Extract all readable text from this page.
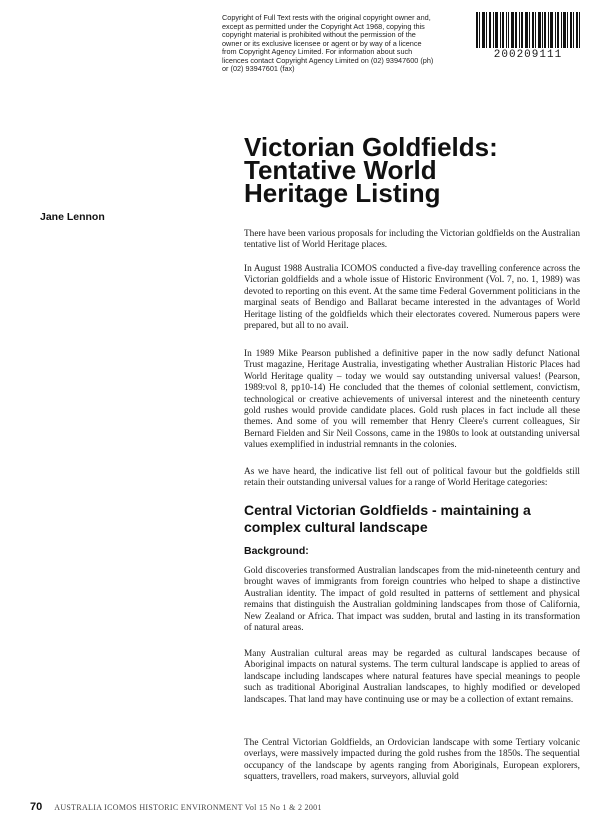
Copyright of Full Text rests with the original copyright owner and, except as permitted under the Copyright Act 1968, copying this copyright material is prohibited without the permission of the owner or its exclusive licensee or agent or by way of a licence from Copyright Agency Limited. For information about such licences contact Copyright Agency Limited on (02) 93947600 (ph) or (02) 93947601 (fax)
200209111
Victorian Goldfields:
Tentative World
Heritage Listing
Jane Lennon

There have been various proposals for including the Victorian goldfields on the Australian tentative list of World Heritage places.

In August 1988 Australia ICOMOS conducted a five-day travelling conference across the Victorian goldfields and a whole issue of Historic Environment (Vol. 7, no. 1, 1989) was devoted to reporting on this event. At the same time Federal Government politicians in the marginal seats of Bendigo and Ballarat became interested in the advantages of World Heritage listing of the goldfields which their electorates covered. Numerous papers were prepared, but all to no avail.

In 1989 Mike Pearson published a definitive paper in the now sadly defunct National Trust magazine, Heritage Australia, investigating whether Australian Historic Places had World Heritage quality – today we would say outstanding universal values! (Pearson, 1989:vol 8, pp10-14) He concluded that the themes of colonial settlement, convictism, technological or creative achievements of universal interest and the nineteenth century gold rushes would provide candidate places. Gold rush places in fact include all these themes. And some of you will remember that Henry Cleere's current colleagues, Sir Bernard Fielden and Sir Neil Cossons, came in the 1980s to look at outstanding universal values exemplified in industrial remnants in the colonies.

As we have heard, the indicative list fell out of political favour but the goldfields still retain their outstanding universal values for a range of World Heritage categories:

Central Victorian Goldfields - maintaining a complex cultural landscape
Background:

Gold discoveries transformed Australian landscapes from the mid-nineteenth century and brought waves of immigrants from foreign countries who helped to shape a distinctive Australian identity. The impact of gold resulted in patterns of settlement and physical remains that distinguish the Australian goldmining landscapes from those of California, New Zealand or Africa. That impact was sudden, brutal and lasting in its transformation of natural areas.

Many Australian cultural areas may be regarded as cultural landscapes because of Aboriginal impacts on natural systems. The term cultural landscape is applied to areas of landscape including landscapes where natural features have special meanings to people such as traditional Aboriginal Australian landscapes, to highly modified or developed landscapes. That land may have continuing use or may be a collection of extant remains.

The Central Victorian Goldfields, an Ordovician landscape with some Tertiary volcanic overlays, were massively impacted during the gold rushes from the 1850s. The sequential occupancy of the landscape by agents ranging from Aboriginals, European explorers, squatters, travellers, road makers, surveyors, alluvial gold

70 AUSTRALIA ICOMOS HISTORIC ENVIRONMENT Vol 15 No 1 & 2 2001
